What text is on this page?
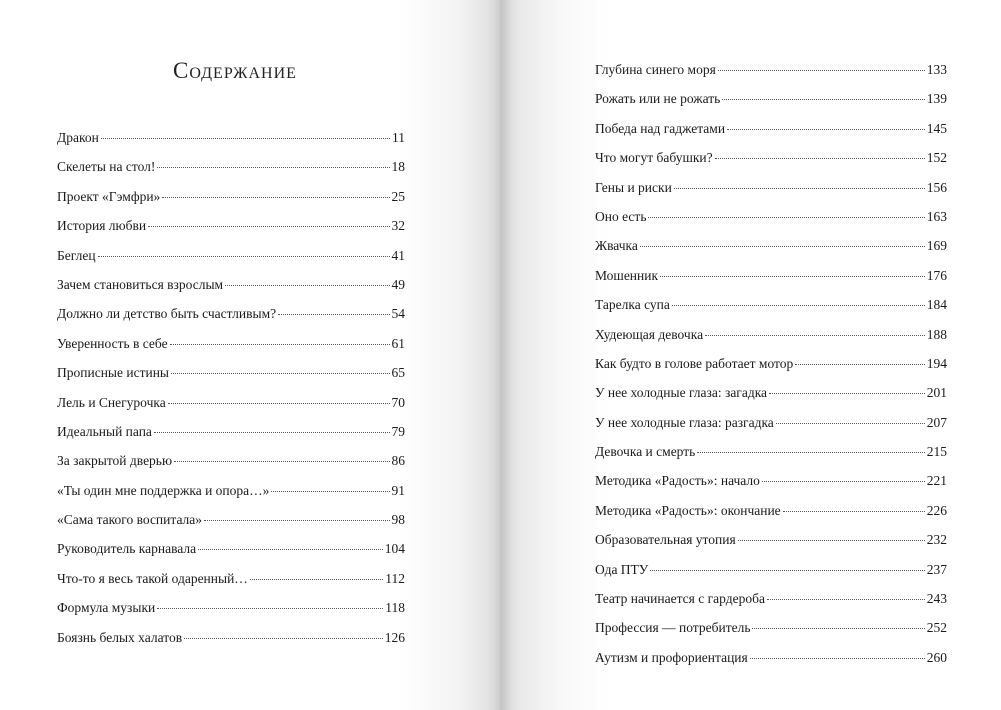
Содержание
Дракон	11
Скелеты на стол!	18
Проект «Гэмфри»	25
История любви	32
Беглец	41
Зачем становиться взрослым	49
Должно ли детство быть счастливым?	54
Уверенность в себе	61
Прописные истины	65
Лель и Снегурочка	70
Идеальный папа	79
За закрытой дверью	86
«Ты один мне поддержка и опора…»	91
«Сама такого воспитала»	98
Руководитель карнавала	104
Что-то я весь такой одаренный…	112
Формула музыки	118
Боязнь белых халатов	126
Глубина синего моря	133
Рожать или не рожать	139
Победа над гаджетами	145
Что могут бабушки?	152
Гены и риски	156
Оно есть	163
Жвачка	169
Мошенник	176
Тарелка супа	184
Худеющая девочка	188
Как будто в голове работает мотор	194
У нее холодные глаза: загадка	201
У нее холодные глаза: разгадка	207
Девочка и смерть	215
Методика «Радость»: начало	221
Методика «Радость»: окончание	226
Образовательная утопия	232
Ода ПТУ	237
Театр начинается с гардероба	243
Профессия — потребитель	252
Аутизм и профориентация	260
